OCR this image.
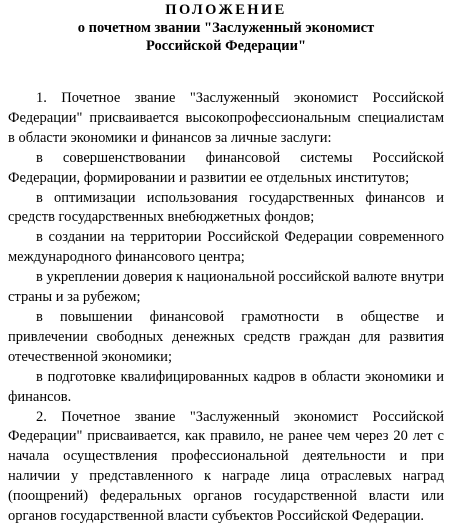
ПОЛОЖЕНИЕ
о почетном звании "Заслуженный экономист
Российской Федерации"

1. Почетное звание "Заслуженный экономист Российской Федерации" присваивается высокопрофессиональным специалистам в области экономики и финансов за личные заслуги:

в совершенствовании финансовой системы Российской Федерации, формировании и развитии ее отдельных институтов;

в оптимизации использования государственных финансов и средств государственных внебюджетных фондов;

в создании на территории Российской Федерации современного международного финансового центра;

в укреплении доверия к национальной российской валюте внутри страны и за рубежом;

в повышении финансовой грамотности в обществе и привлечении свободных денежных средств граждан для развития отечественной экономики;

в подготовке квалифицированных кадров в области экономики и финансов.

2. Почетное звание "Заслуженный экономист Российской Федерации" присваивается, как правило, не ранее чем через 20 лет с начала осуществления профессиональной деятельности и при наличии у представленного к награде лица отраслевых наград (поощрений) федеральных органов государственной власти или органов государственной власти субъектов Российской Федерации.
